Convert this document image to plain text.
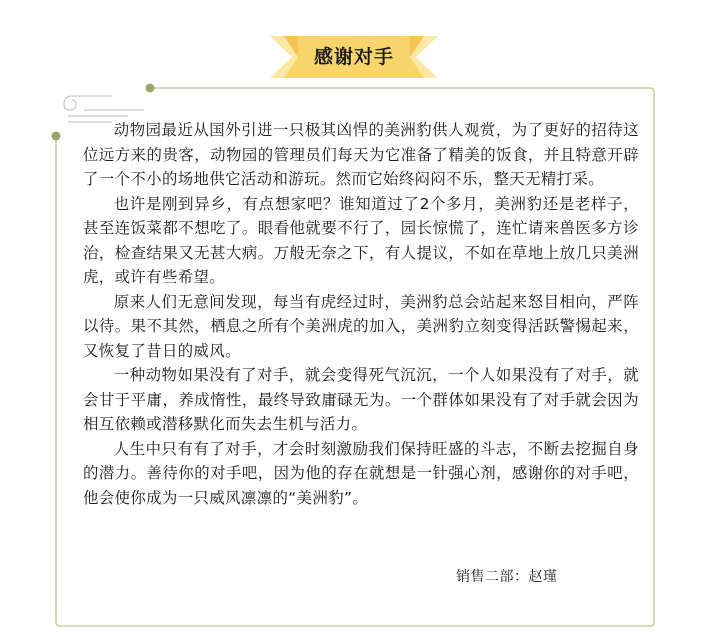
感谢对手

动物园最近从国外引进一只极其凶悍的美洲豹供人观赏，为了更好的招待这位远方来的贵客，动物园的管理员们每天为它准备了精美的饭食，并且特意开辟了一个不小的场地供它活动和游玩。然而它始终闷闷不乐，整天无精打采。

也许是刚到异乡，有点想家吧？谁知道过了2个多月，美洲豹还是老样子，甚至连饭菜都不想吃了。眼看他就要不行了，园长惊慌了，连忙请来兽医多方诊治，检查结果又无甚大病。万般无奈之下，有人提议，不如在草地上放几只美洲虎，或许有些希望。

原来人们无意间发现，每当有虎经过时，美洲豹总会站起来怒目相向，严阵以待。果不其然，栖息之所有个美洲虎的加入，美洲豹立刻变得活跃警惕起来，又恢复了昔日的威风。

一种动物如果没有了对手，就会变得死气沉沉，一个人如果没有了对手，就会甘于平庸，养成惰性，最终导致庸碌无为。一个群体如果没有了对手就会因为相互依赖或潜移默化而失去生机与活力。

人生中只有有了对手，才会时刻激励我们保持旺盛的斗志，不断去挖掘自身的潜力。善待你的对手吧，因为他的存在就想是一针强心剂，感谢你的对手吧，他会使你成为一只威风凛凛的“美洲豹”。

销售二部：赵瑾
